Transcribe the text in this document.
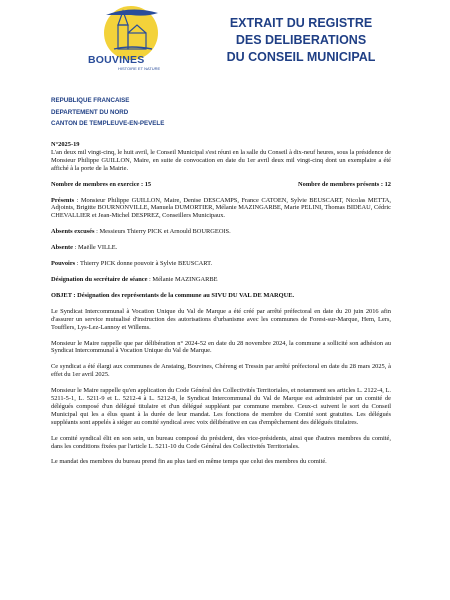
BOUVINES
HISTOIRE ET NATURE
EXTRAIT DU REGISTRE
DES DELIBERATIONS
DU CONSEIL MUNICIPAL
REPUBLIQUE FRANCAISE
DEPARTEMENT DU NORD
CANTON DE TEMPLEUVE-EN-PEVELE
N°2025-19

L'an deux mil vingt-cinq, le huit avril, le Conseil Municipal s'est réuni en la salle du Conseil à dix-neuf heures, sous la présidence de Monsieur Philippe GUILLON, Maire, en suite de convocation en date du 1er avril deux mil vingt-cinq dont un exemplaire a été affiché à la porte de la Mairie.

Nombre de membres en exercice : 15	Nombre de membres présents : 12

Présents : Monsieur Philippe GUILLON, Maire, Denise DESCAMPS, France CATOEN, Sylvie BEUSCART, Nicolas METTA, Adjoints, Brigitte BOURNONVILLE, Manuela DUMORTIER, Mélanie MAZINGARBE, Marie PELINI, Thomas BIDEAU, Cédric CHEVALLIER et Jean-Michel DESPREZ, Conseillers Municipaux.

Absents excusés : Messieurs Thierry PICK et Arnould BOURGEOIS.

Absente : Maëlle VILLE.

Pouvoirs : Thierry PICK donne pouvoir à Sylvie BEUSCART.

Désignation du secrétaire de séance : Mélanie MAZINGARBE

OBJET : Désignation des représentants de la commune au SIVU DU VAL DE MARQUE.

Le Syndicat Intercommunal à Vocation Unique du Val de Marque a été créé par arrêté préfectoral en date du 20 juin 2016 afin d'assurer un service mutualisé d'instruction des autorisations d'urbanisme avec les communes de Forest-sur-Marque, Hem, Lers, Toufflers, Lys-Lez-Lannoy et Willems.

Monsieur le Maire rappelle que par délibération n° 2024-52 en date du 28 novembre 2024, la commune a sollicité son adhésion au Syndicat Intercommunal à Vocation Unique du Val de Marque.

Ce syndicat a été élargi aux communes de Anstaing, Bouvines, Chéreng et Tressin par arrêté préfectoral en date du 28 mars 2025, à effet du 1er avril 2025.

Monsieur le Maire rappelle qu'en application du Code Général des Collectivités Territoriales, et notamment ses articles L. 2122-4, L. 5211-5-1, L. 5211-9 et L. 5212-4 à L. 5212-8, le Syndicat Intercommunal du Val de Marque est administré par un comité de délégués composé d'un délégué titulaire et d'un délégué suppléant par commune membre. Ceux-ci suivent le sort du Conseil Municipal qui les a élus quant à la durée de leur mandat. Les fonctions de membre du Comité sont gratuites. Les délégués suppléants sont appelés à siéger au comité syndical avec voix délibérative en cas d'empêchement des délégués titulaires.

Le comité syndical élit en son sein, un bureau composé du président, des vice-présidents, ainsi que d'autres membres du comité, dans les conditions fixées par l'article L. 5211-10 du Code Général des Collectivités Territoriales.

Le mandat des membres du bureau prend fin au plus tard en même temps que celui des membres du comité.
